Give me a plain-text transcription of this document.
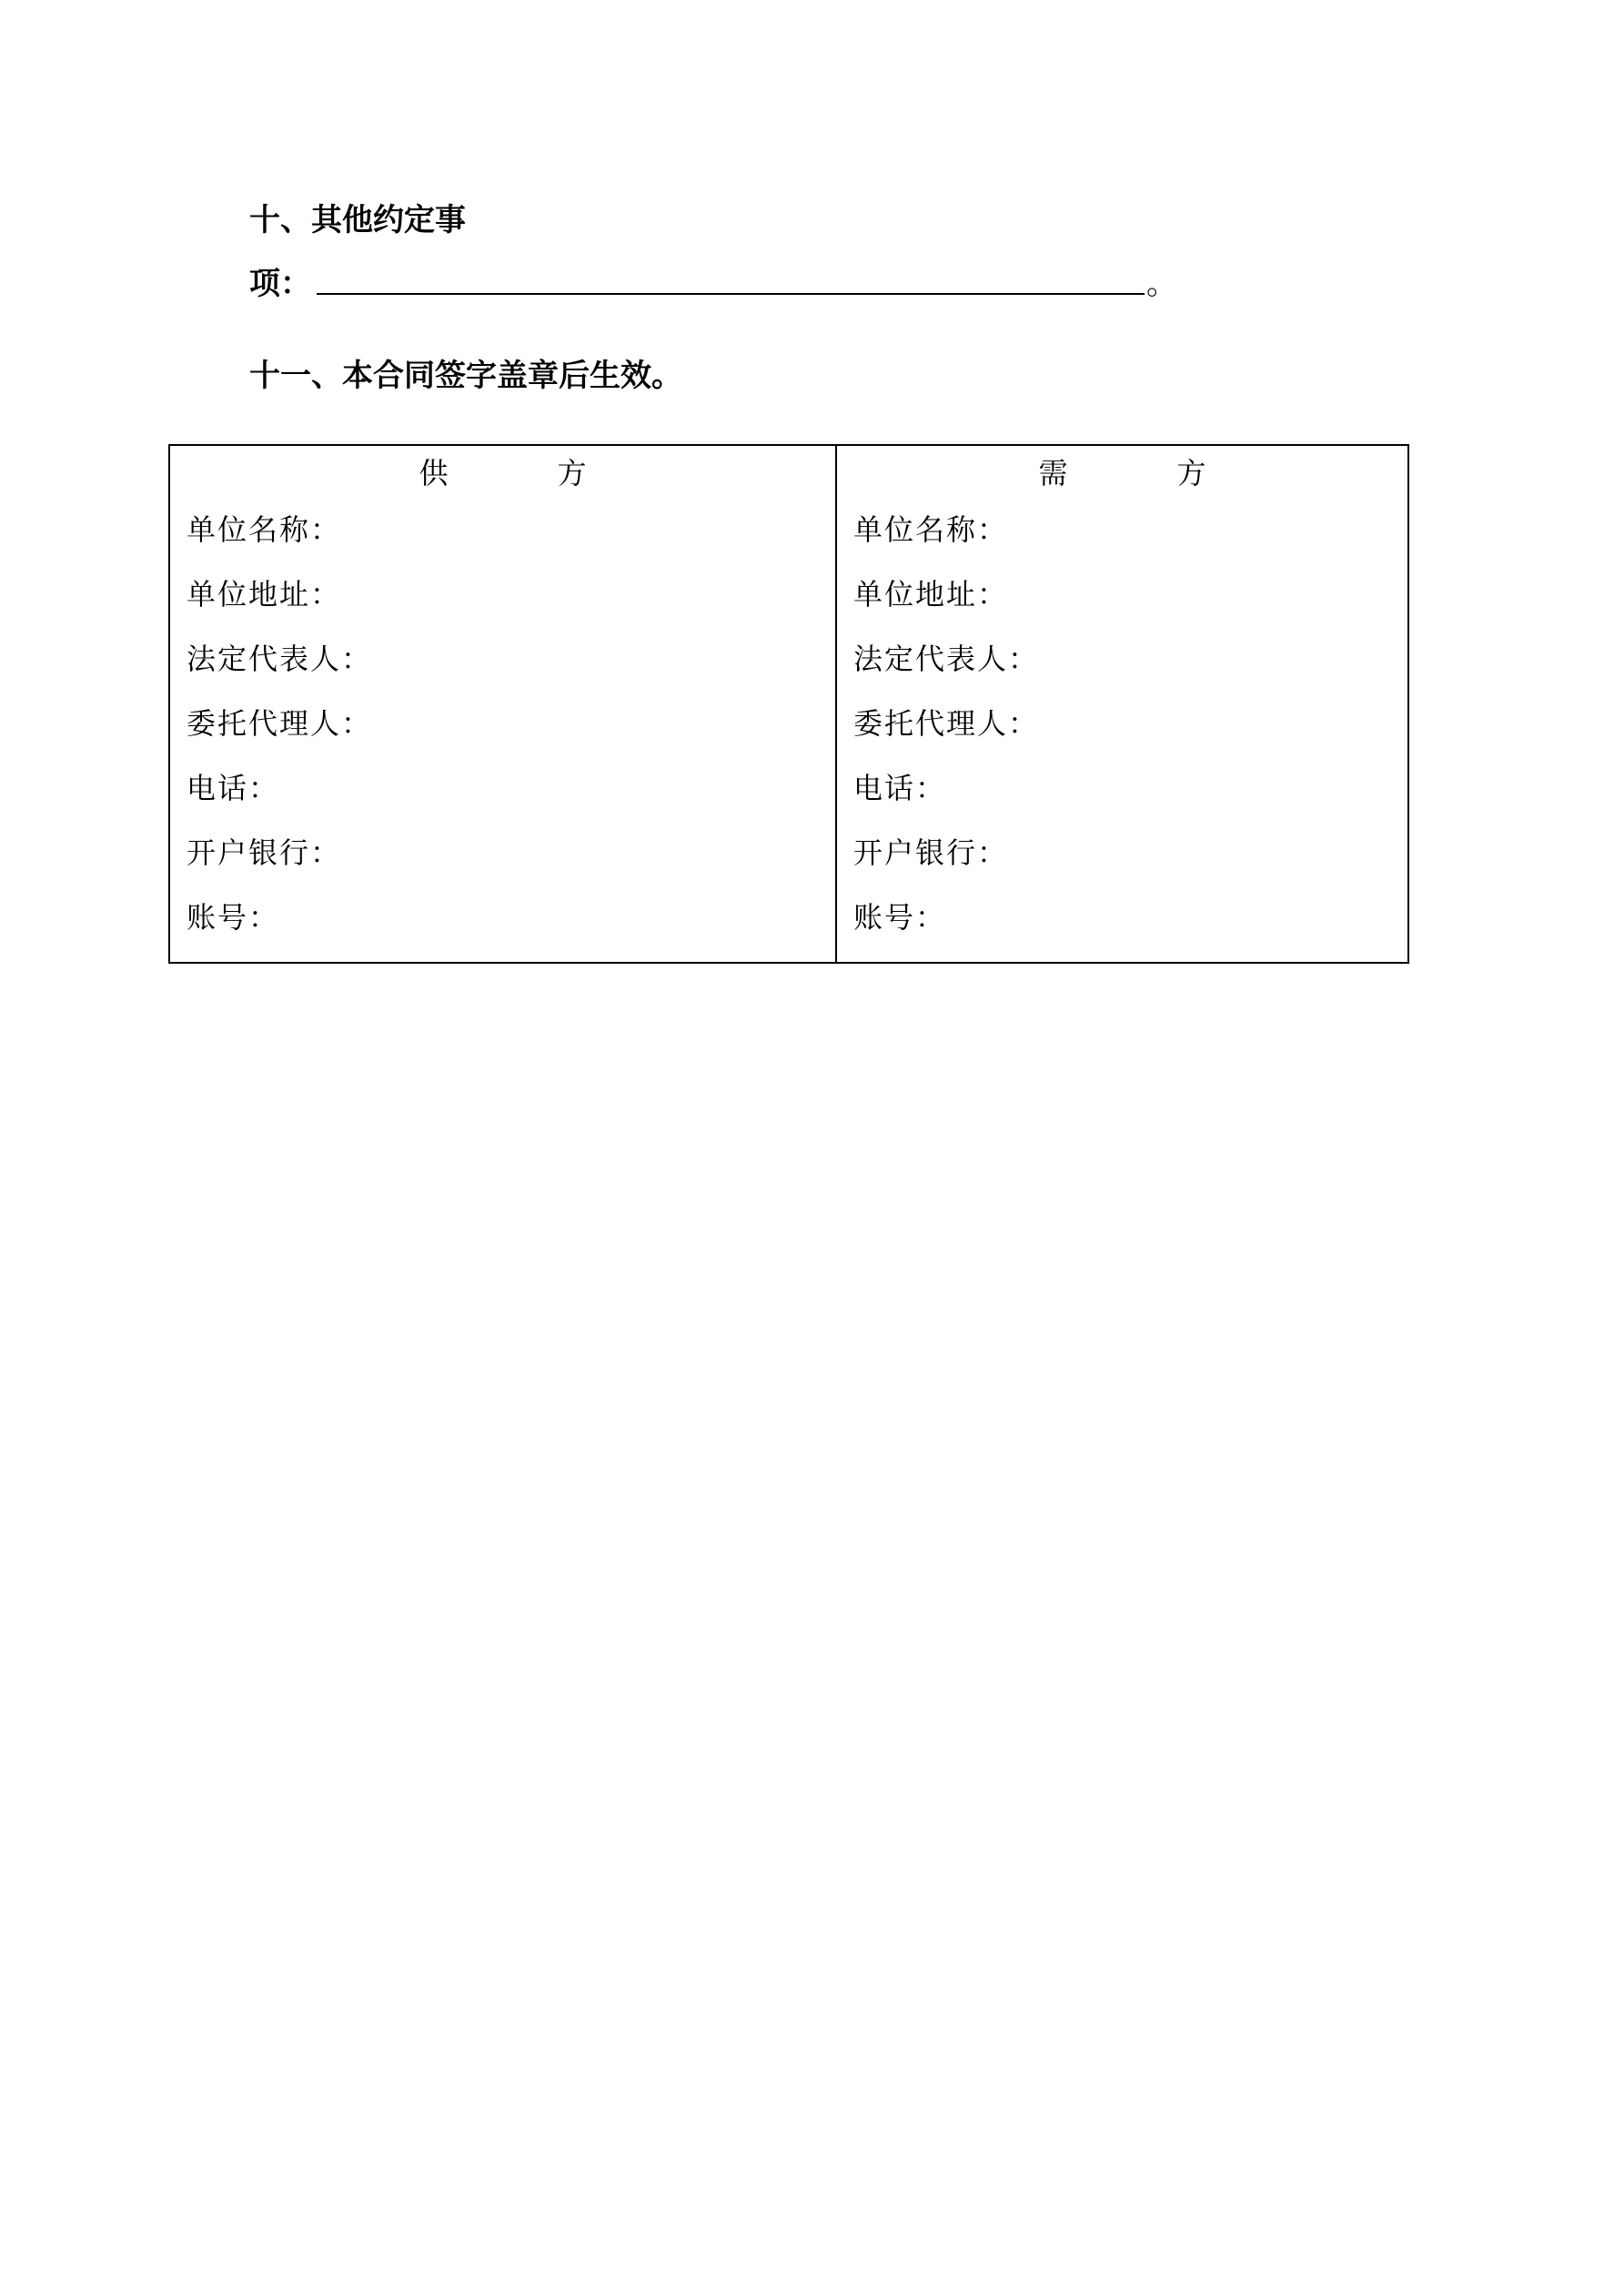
十、其他约定事
项：	。
十一、本合同签字盖章后生效。
供	方
单位名称：
单位地址：
法定代表人：
委托代理人：
电话：
开户银行：
账号：
需	方
单位名称：
单位地址：
法定代表人：
委托代理人：
电话：
开户银行：
账号：
